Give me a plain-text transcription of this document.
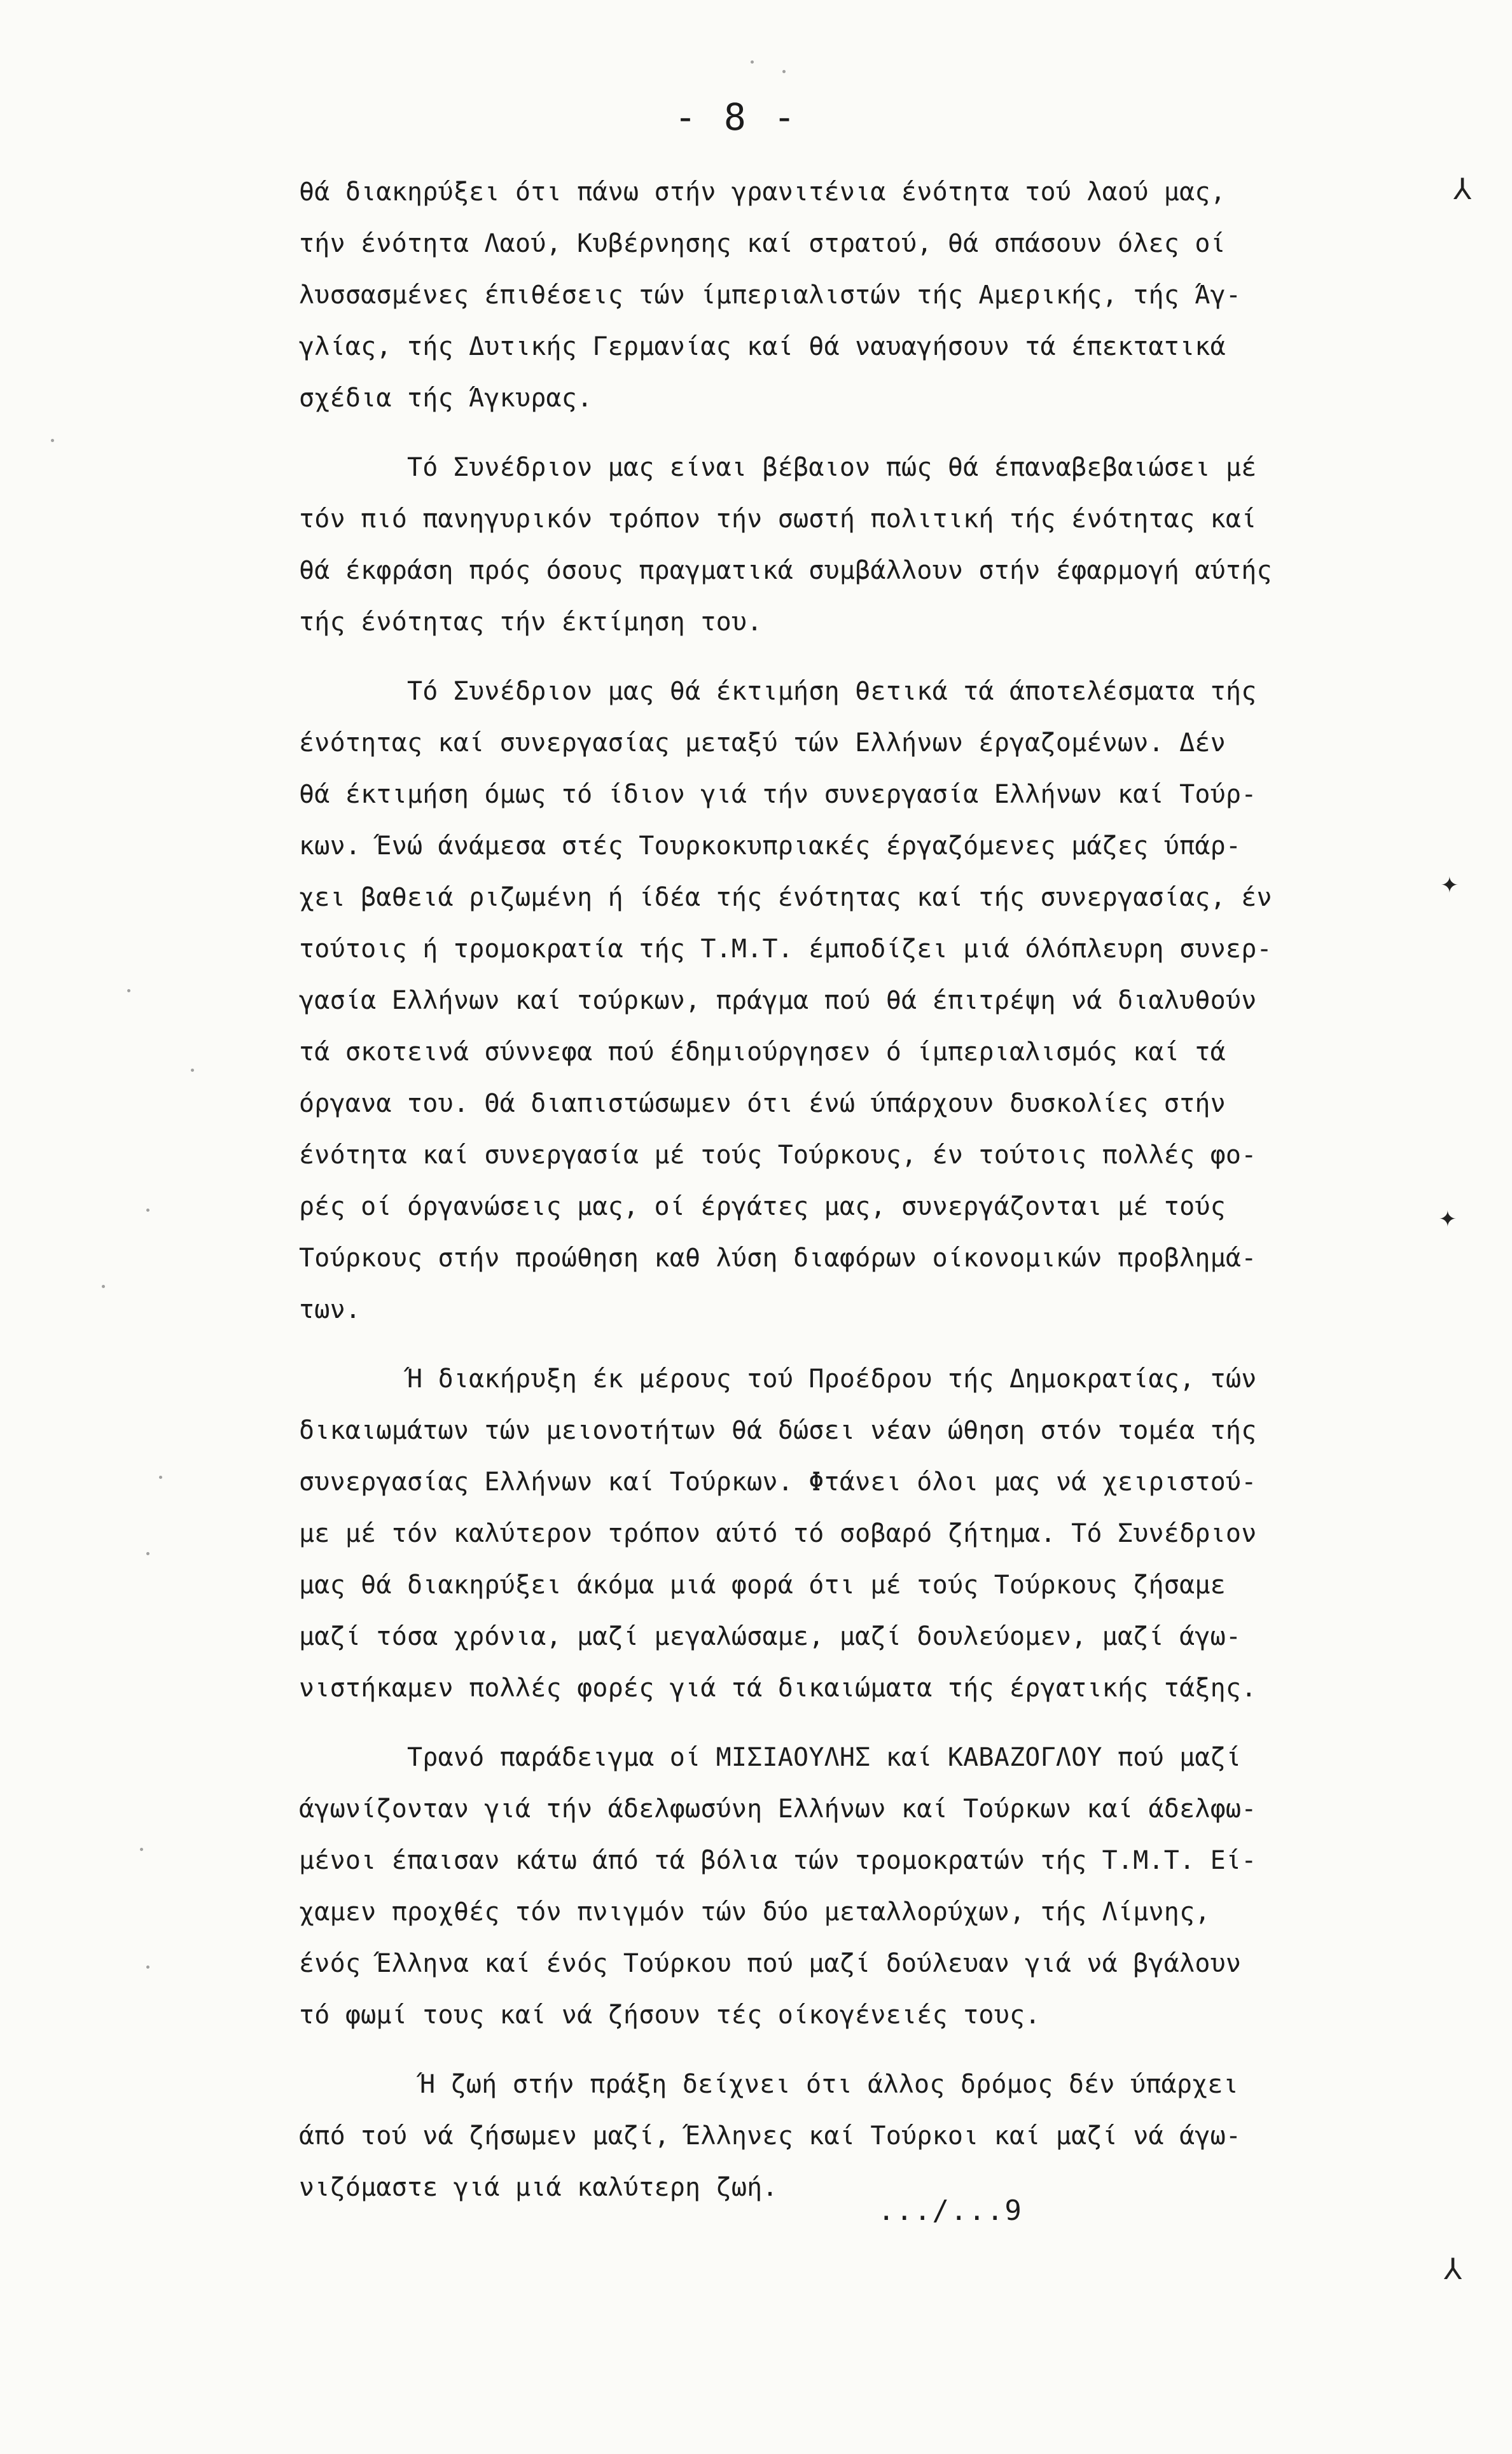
- 8 -
θά διακηρύξει ότι πάνω στήν γρανιτένια ένότητα τού λαού μας,
τήν ένότητα Λαού, Κυβέρνησης καί στρατού, θά σπάσουν όλες οί
λυσσασμένες έπιθέσεις τών ίμπεριαλιστών τής Αμερικής, τής Άγ-
γλίας, τής Δυτικής Γερμανίας καί θά ναυαγήσουν τά έπεκτατικά
σχέδια τής Άγκυρας.
Τό Συνέδριον μας είναι βέβαιον πώς θά έπαναβεβαιώσει μέ
τόν πιό πανηγυρικόν τρόπον τήν σωστή πολιτική τής ένότητας καί
θά έκφράση πρός όσους πραγματικά συμβάλλουν στήν έφαρμογή αύτής
τής ένότητας τήν έκτίμηση του.
Τό Συνέδριον μας θά έκτιμήση θετικά τά άποτελέσματα τής
ένότητας καί συνεργασίας μεταξύ τών Ελλήνων έργαζομένων. Δέν
θά έκτιμήση όμως τό ίδιον γιά τήν συνεργασία Ελλήνων καί Τούρ-
κων. Ένώ άνάμεσα στές Τουρκοκυπριακές έργαζόμενες μάζες ύπάρ-
χει βαθειά ριζωμένη ή ίδέα τής ένότητας καί τής συνεργασίας, έν
τούτοις ή τρομοκρατία τής Τ.Μ.Τ. έμποδίζει μιά όλόπλευρη συνερ-
γασία Ελλήνων καί τούρκων, πράγμα πού θά έπιτρέψη νά διαλυθούν
τά σκοτεινά σύννεφα πού έδημιούργησεν ό ίμπεριαλισμός καί τά
όργανα του. Θά διαπιστώσωμεν ότι ένώ ύπάρχουν δυσκολίες στήν
ένότητα καί συνεργασία μέ τούς Τούρκους, έν τούτοις πολλές φο-
ρές οί όργανώσεις μας, οί έργάτες μας, συνεργάζονται μέ τούς
Τούρκους στήν προώθηση καθ λύση διαφόρων οίκονομικών προβλημά-
των.
Ή διακήρυξη έκ μέρους τού Προέδρου τής Δημοκρατίας, τών
δικαιωμάτων τών μειονοτήτων θά δώσει νέαν ώθηση στόν τομέα τής
συνεργασίας Ελλήνων καί Τούρκων. Φτάνει όλοι μας νά χειριστού-
με μέ τόν καλύτερον τρόπον αύτό τό σοβαρό ζήτημα. Τό Συνέδριον
μας θά διακηρύξει άκόμα μιά φορά ότι μέ τούς Τούρκους ζήσαμε
μαζί τόσα χρόνια, μαζί μεγαλώσαμε, μαζί δουλεύομεν, μαζί άγω-
νιστήκαμεν πολλές φορές γιά τά δικαιώματα τής έργατικής τάξης.
Τρανό παράδειγμα οί ΜΙΣΙΑΟΥΛΗΣ καί ΚΑΒΑΖΟΓΛΟΥ πού μαζί
άγωνίζονταν γιά τήν άδελφωσύνη Ελλήνων καί Τούρκων καί άδελφω-
μένοι έπαισαν κάτω άπό τά βόλια τών τρομοκρατών τής Τ.Μ.Τ. Εί-
χαμεν προχθές τόν πνιγμόν τών δύο μεταλλορύχων, τής Λίμνης,
ένός Έλληνα καί ένός Τούρκου πού μαζί δούλευαν γιά νά βγάλουν
τό φωμί τους καί νά ζήσουν τές οίκογένειές τους.
Ή ζωή στήν πράξη δείχνει ότι άλλος δρόμος δέν ύπάρχει
άπό τού νά ζήσωμεν μαζί, Έλληνες καί Τούρκοι καί μαζί νά άγω-
νιζόμαστε γιά μιά καλύτερη ζωή.
.../...9
⅄
✦
✦
⅄
